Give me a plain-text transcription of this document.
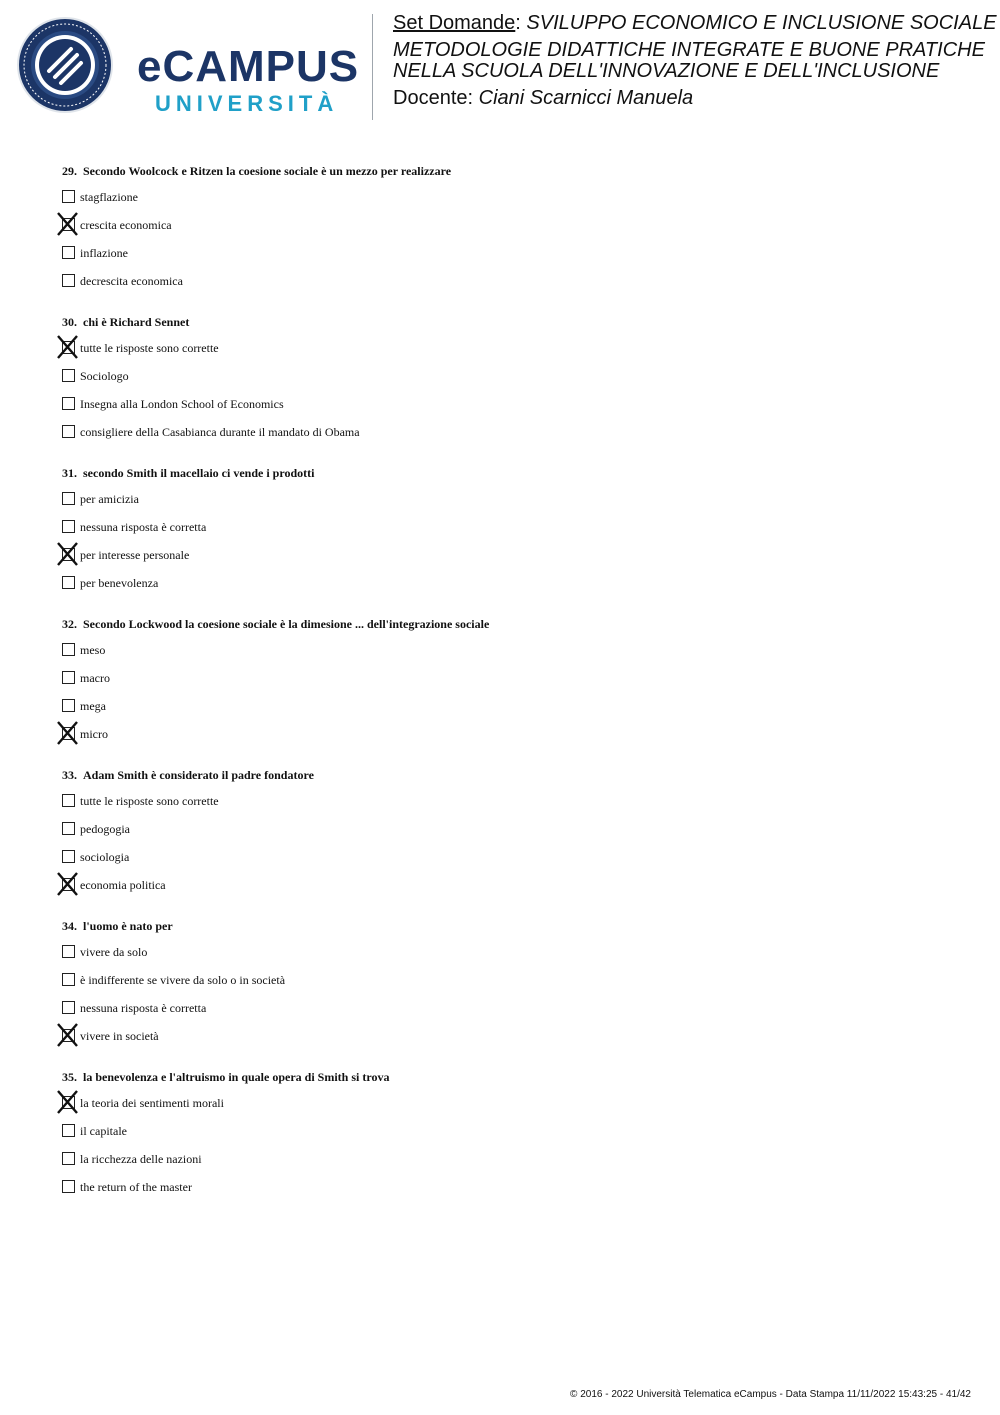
eCAMPUS
UNIVERSITÀ
Set Domande: SVILUPPO ECONOMICO E INCLUSIONE SOCIALE
METODOLOGIE DIDATTICHE INTEGRATE E BUONE PRATICHE
NELLA SCUOLA DELL'INNOVAZIONE E DELL'INCLUSIONE
Docente: Ciani Scarnicci Manuela
29. Secondo Woolcock e Ritzen la coesione sociale è un mezzo per realizzare
stagflazione
crescita economica
inflazione
decrescita economica
30. chi è Richard Sennet
tutte le risposte sono corrette
Sociologo
Insegna alla London School of Economics
consigliere della Casabianca durante il mandato di Obama
31. secondo Smith il macellaio ci vende i prodotti
per amicizia
nessuna risposta è corretta
per interesse personale
per benevolenza
32. Secondo Lockwood la coesione sociale è la dimesione ... dell'integrazione sociale
meso
macro
mega
micro
33. Adam Smith è considerato il padre fondatore
tutte le risposte sono corrette
pedogogia
sociologia
economia politica
34. l'uomo è nato per
vivere da solo
è indifferente se vivere da solo o in società
nessuna risposta è corretta
vivere in società
35. la benevolenza e l'altruismo in quale opera di Smith si trova
la teoria dei sentimenti morali
il capitale
la ricchezza delle nazioni
the return of the master
© 2016 - 2022 Università Telematica eCampus - Data Stampa 11/11/2022 15:43:25 - 41/42
